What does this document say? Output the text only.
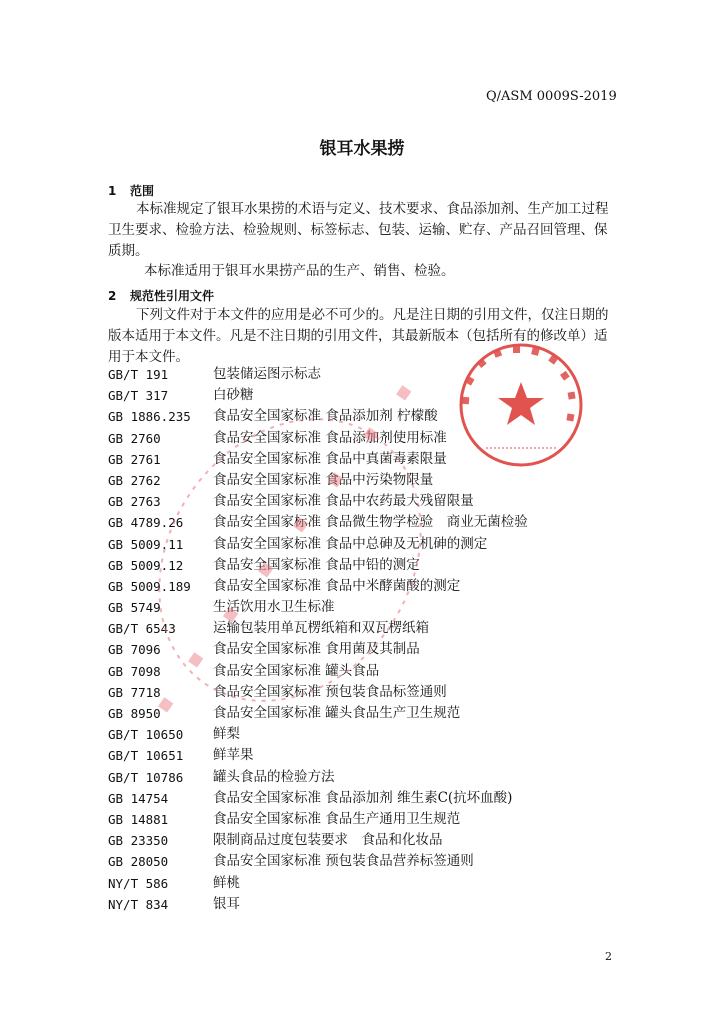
Q/ASM 0009S-2019
银耳水果捞
1 范围
本标准规定了银耳水果捞的术语与定义、技术要求、食品添加剂、生产加工过程卫生要求、检验方法、检验规则、标签标志、包装、运输、贮存、产品召回管理、保质期。
本标准适用于银耳水果捞产品的生产、销售、检验。
2 规范性引用文件
下列文件对于本文件的应用是必不可少的。凡是注日期的引用文件，仅注日期的版本适用于本文件。凡是不注日期的引用文件，其最新版本（包括所有的修改单）适用于本文件。
GB/T 191	包装储运图示标志
GB/T 317	白砂糖
GB 1886.235 食品安全国家标准 食品添加剂 柠檬酸
GB 2760	食品安全国家标准 食品添加剂使用标准
GB 2761	食品安全国家标准 食品中真菌毒素限量
GB 2762	食品安全国家标准 食品中污染物限量
GB 2763	食品安全国家标准 食品中农药最大残留限量
GB 4789.26 食品安全国家标准 食品微生物学检验　商业无菌检验
GB 5009.11 食品安全国家标准 食品中总砷及无机砷的测定
GB 5009.12 食品安全国家标准 食品中铅的测定
GB 5009.189 食品安全国家标准 食品中米酵菌酸的测定
GB 5749	生活饮用水卫生标准
GB/T 6543	运输包装用单瓦楞纸箱和双瓦楞纸箱
GB 7096	食品安全国家标准 食用菌及其制品
GB 7098	食品安全国家标准 罐头食品
GB 7718	食品安全国家标准 预包装食品标签通则
GB 8950	食品安全国家标准 罐头食品生产卫生规范
GB/T 10650 鲜梨
GB/T 10651 鲜苹果
GB/T 10786 罐头食品的检验方法
GB 14754	食品安全国家标准 食品添加剂 维生素C(抗坏血酸)
GB 14881	食品安全国家标准 食品生产通用卫生规范
GB 23350	限制商品过度包装要求　食品和化妆品
GB 28050	食品安全国家标准 预包装食品营养标签通则
NY/T 586	鲜桃
NY/T 834	银耳
2
